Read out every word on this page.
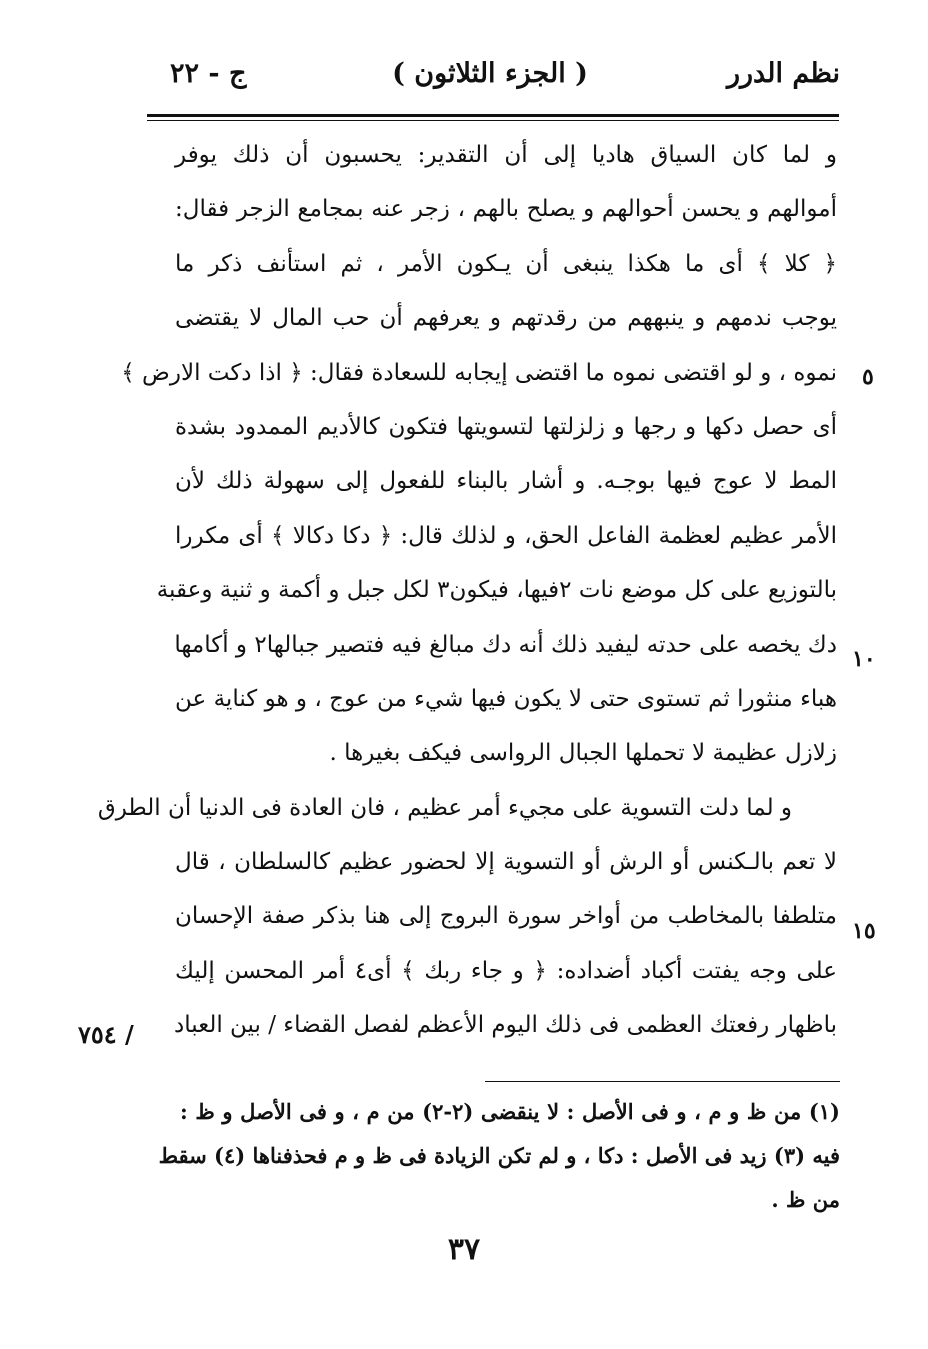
نظم الدرر
( الجزء الثلاثون )
ج - ٢٢
و لما كان السياق هاديا إلى أن التقدير: يحسبون أن ذلك يوفر
أموالهم و يحسن أحوالهم و يصلح بالهم ، زجر عنه بمجامع الزجر فقال:
﴿ كلا ﴾ أى ما هكذا ينبغى أن يـكون الأمر ، ثم استأنف ذكر ما
يوجب ندمهم و ينبههم من رقدتهم و يعرفهم أن حب المال لا يقتضى
نموه ، و لو اقتضى نموه ما اقتضى إيجابه للسعادة فقال: ﴿ اذا دكت الارض ﴾
أى حصل دكها و رجها و زلزلتها لتسويتها فتكون كالأديم الممدود بشدة
المط لا عوج فيها بوجـه. و أشار بالبناء للفعول إلى سهولة ذلك لأن
الأمر عظيم لعظمة الفاعل الحق، و لذلك قال: ﴿ دكا دكالا ﴾ أى مكررا
بالتوزيع على كل موضع نات ٢فيها، فيكون٣ لكل جبل و أكمة و ثنية وعقبة
دك يخصه على حدته ليفيد ذلك أنه دك مبالغ فيه فتصير جبالها٢ و أكامها
هباء منثورا ثم تستوى حتى لا يكون فيها شيء من عوج ، و هو كناية عن
زلازل عظيمة لا تحملها الجبال الرواسى فيكف بغيرها .
و لما دلت التسوية على مجيء أمر عظيم ، فان العادة فى الدنيا أن الطرق
لا تعم بالـكنس أو الرش أو التسوية إلا لحضور عظيم كالسلطان ، قال
متلطفا بالمخاطب من أواخر سورة البروج إلى هنا بذكر صفة الإحسان
على وجه يفتت أكباد أضداده: ﴿ و جاء ربك ﴾ أى٤ أمر المحسن إليك
باظهار رفعتك العظمى فى ذلك اليوم الأعظم لفصل القضاء / بين العباد
٥
١٠
١٥
/ ٧٥٤
(١) من ظ و م ، و فى الأصل : لا ينقضى (٢-٢) من م ، و فى الأصل و ظ :
فيه (٣) زيد فى الأصل : دكا ، و لم تكن الزيادة فى ظ و م فحذفناها (٤) سقط
من ظ .
٣٧
